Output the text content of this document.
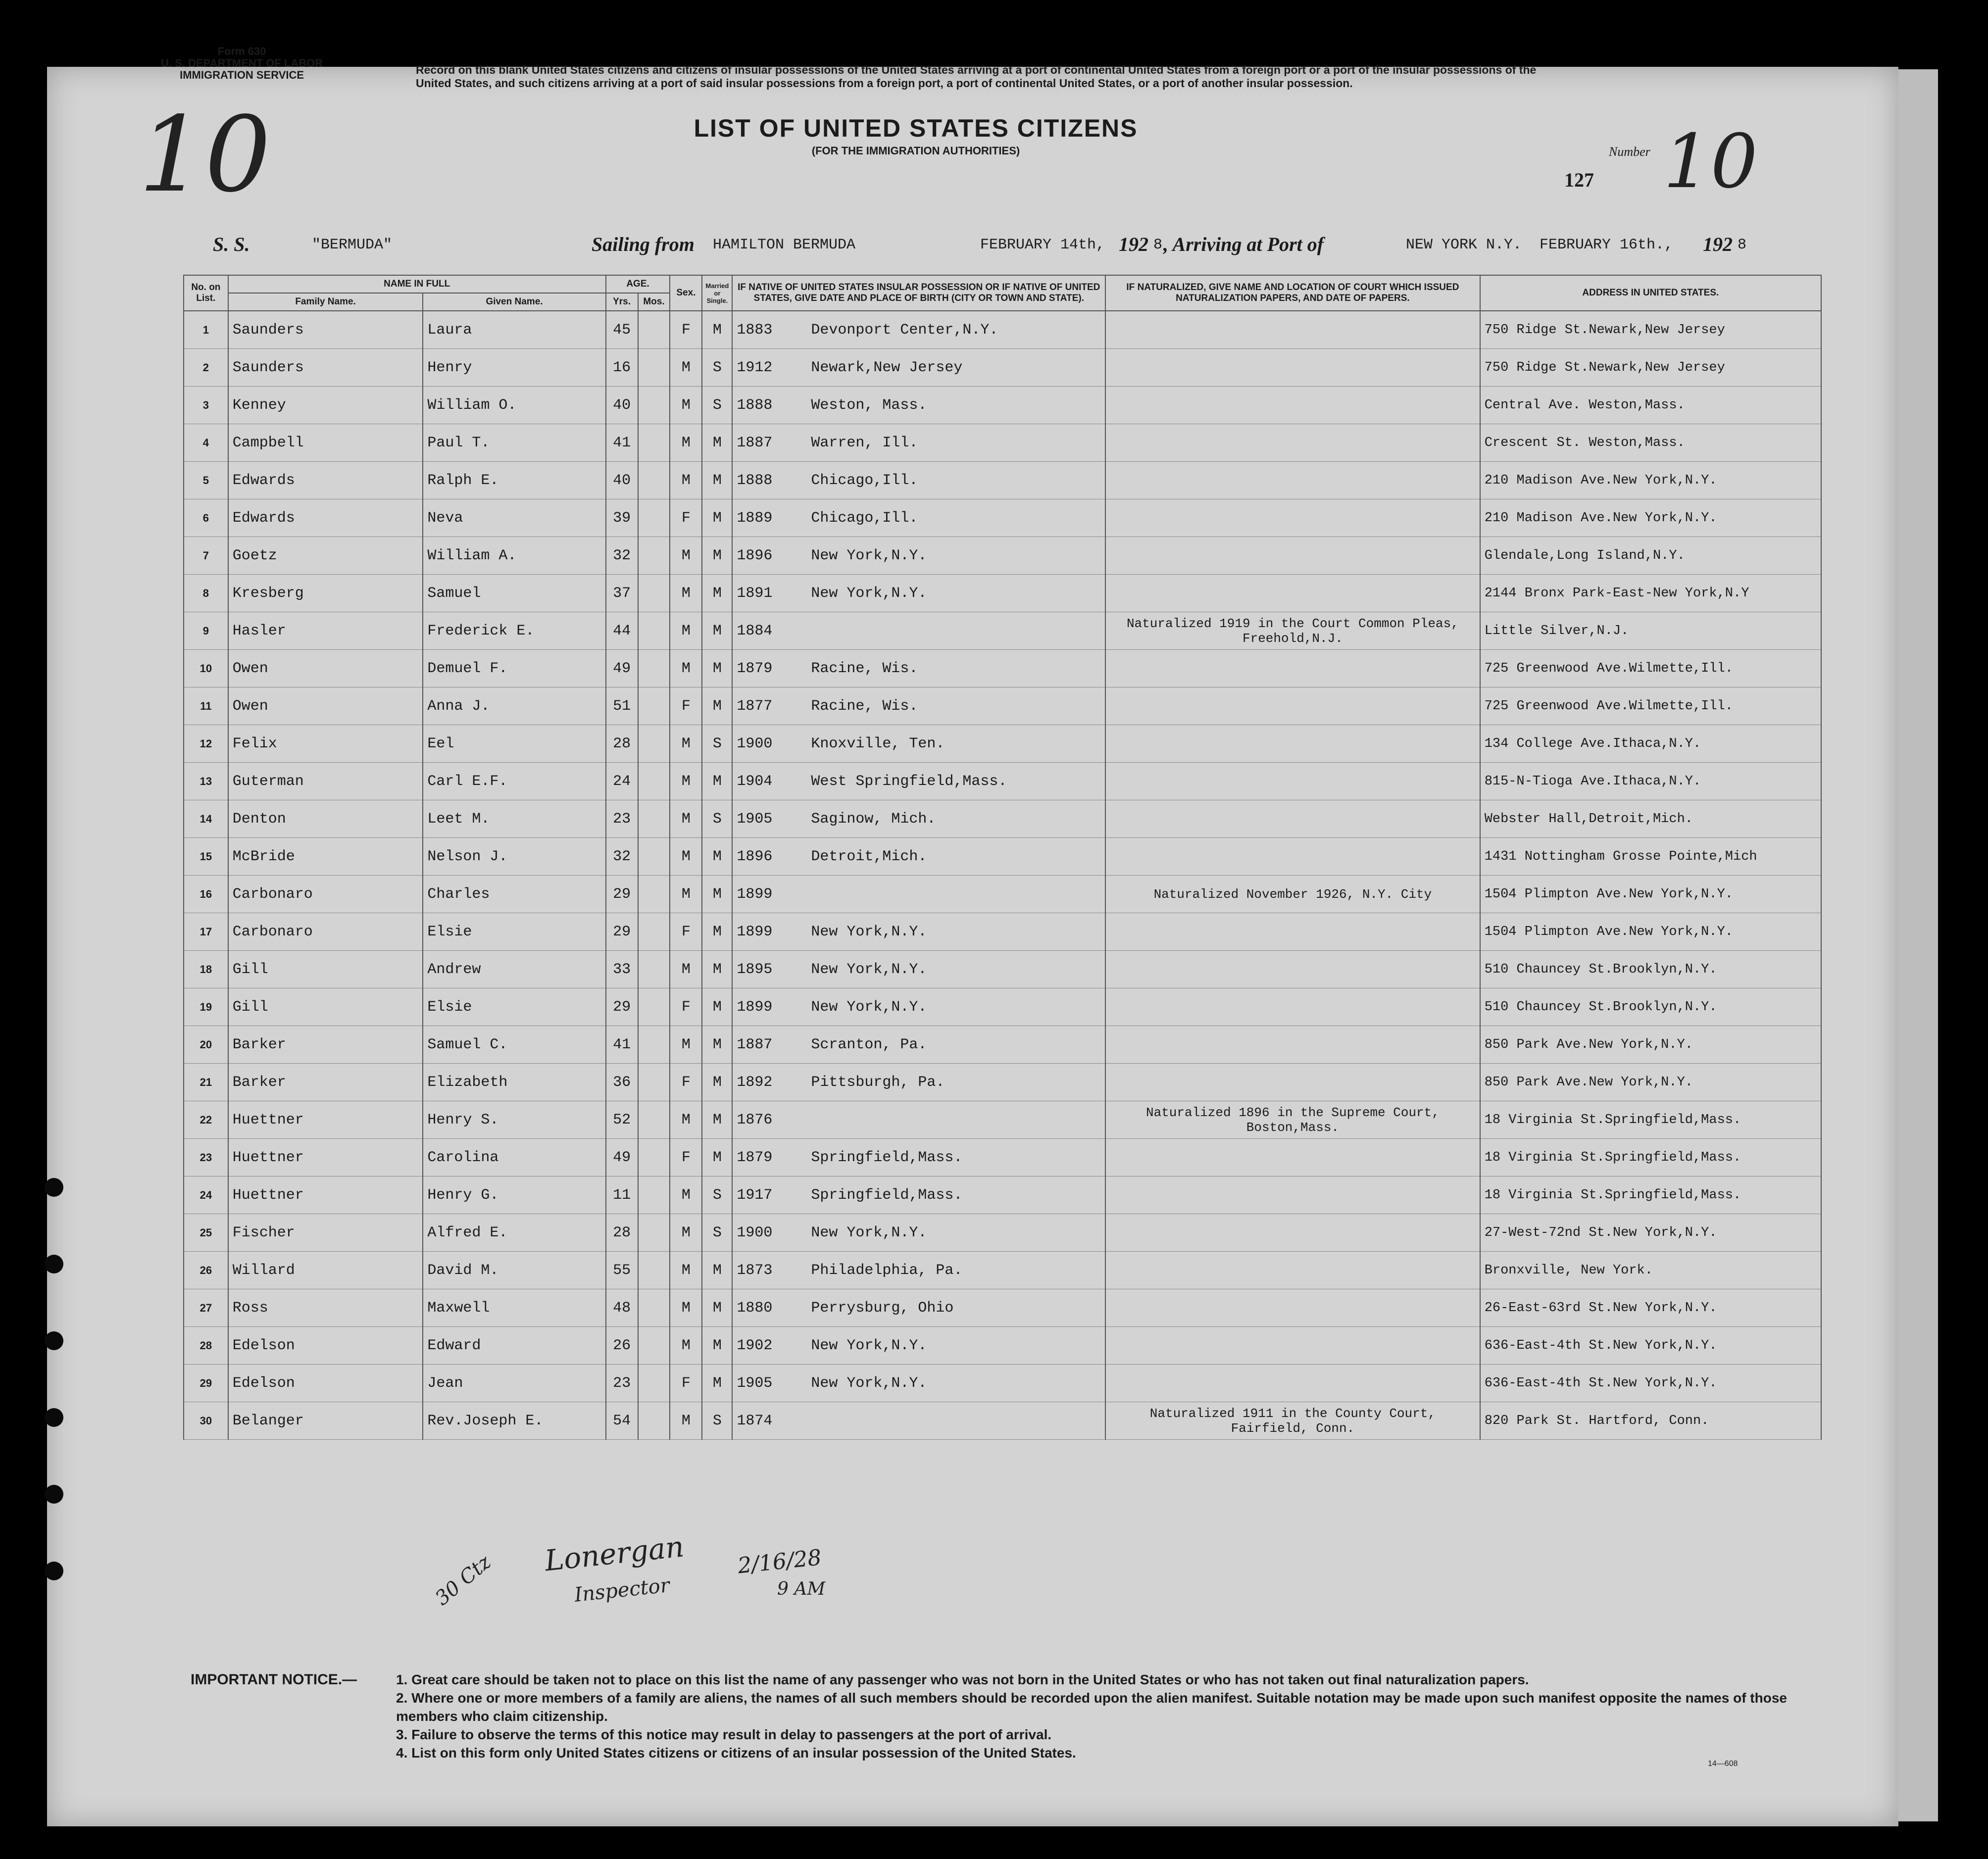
10
Form 630
U. S. DEPARTMENT OF LABOR
IMMIGRATION SERVICE	Record on this blank United States citizens and citizens of insular possessions of the United States arriving at a port of continental United States from a foreign port or a port of the insular possessions of the United States, and such citizens arriving at a port of said insular possessions from a foreign port, a port of continental United States, or a port of another insular possession.
Number 10
127
LIST OF UNITED STATES CITIZENS
(FOR THE IMMIGRATION AUTHORITIES)
S. S.	"BERMUDA"	Sailing from HAMILTON BERMUDA	FEBRUARY 14th, 192 8 , Arriving at Port of	NEW YORK N.Y. FEBRUARY 16th., 192 8
No. on List.	NAME IN FULL		AGE.		Sex.	Married or Single.	IF NATIVE OF UNITED STATES INSULAR POSSESSION OR IF NATIVE OF UNITED STATES, GIVE DATE AND PLACE OF BIRTH (CITY OR TOWN AND STATE).	IF NATURALIZED, GIVE NAME AND LOCATION OF COURT WHICH ISSUED NATURALIZATION PAPERS, AND DATE OF PAPERS.	ADDRESS IN UNITED STATES.
	Family Name.	Given Name.	Yrs.	Mos.					
1	Saunders	Laura	45		F	M	1883 Devonport Center,N.Y.		750 Ridge St.Newark,New Jersey
2	Saunders	Henry	16		M	S	1912 Newark,New Jersey		750 Ridge St.Newark,New Jersey
3	Kenney	William O.	40		M	S	1888 Weston, Mass.		Central Ave. Weston,Mass.
4	Campbell	Paul T.	41		M	M	1887 Warren, Ill.		Crescent St. Weston,Mass.
5	Edwards	Ralph E.	40		M	M	1888 Chicago,Ill.		210 Madison Ave.New York,N.Y.
6	Edwards	Neva	39		F	M	1889 Chicago,Ill.		210 Madison Ave.New York,N.Y.
7	Goetz	William A.	32		M	M	1896 New York,N.Y.		Glendale,Long Island,N.Y.
8	Kresberg	Samuel	37		M	M	1891 New York,N.Y.		2144 Bronx Park-East-New York,N.Y
9	Hasler	Frederick E.	44		M	M	1884	Naturalized 1919 in the Court Common Pleas, Freehold,N.J.	Little Silver,N.J.
10	Owen	Demuel F.	49		M	M	1879 Racine, Wis.		725 Greenwood Ave.Wilmette,Ill.
11	Owen	Anna J.	51		F	M	1877 Racine, Wis.		725 Greenwood Ave.Wilmette,Ill.
12	Felix	Eel	28		M	S	1900 Knoxville, Ten.		134 College Ave.Ithaca,N.Y.
13	Guterman	Carl E.F.	24		M	M	1904 West Springfield,Mass.		815-N-Tioga Ave.Ithaca,N.Y.
14	Denton	Leet M.	23		M	S	1905 Saginow, Mich.		Webster Hall,Detroit,Mich.
15	McBride	Nelson J.	32		M	M	1896 Detroit,Mich.		1431 Nottingham Grosse Pointe,Mich
16	Carbonaro	Charles	29		M	M	1899	Naturalized November 1926, N.Y. City	1504 Plimpton Ave.New York,N.Y.
17	Carbonaro	Elsie	29		F	M	1899 New York,N.Y.		1504 Plimpton Ave.New York,N.Y.
18	Gill	Andrew	33		M	M	1895 New York,N.Y.		510 Chauncey St.Brooklyn,N.Y.
19	Gill	Elsie	29		F	M	1899 New York,N.Y.		510 Chauncey St.Brooklyn,N.Y.
20	Barker	Samuel C.	41		M	M	1887 Scranton, Pa.		850 Park Ave.New York,N.Y.
21	Barker	Elizabeth	36		F	M	1892 Pittsburgh, Pa.		850 Park Ave.New York,N.Y.
22	Huettner	Henry S.	52		M	M	1876	Naturalized 1896 in the Supreme Court, Boston,Mass.	18 Virginia St.Springfield,Mass.
23	Huettner	Carolina	49		F	M	1879 Springfield,Mass.		18 Virginia St.Springfield,Mass.
24	Huettner	Henry G.	11		M	S	1917 Springfield,Mass.		18 Virginia St.Springfield,Mass.
25	Fischer	Alfred E.	28		M	S	1900 New York,N.Y.		27-West-72nd St.New York,N.Y.
26	Willard	David M.	55		M	M	1873 Philadelphia, Pa.		Bronxville, New York.
27	Ross	Maxwell	48		M	M	1880 Perrysburg, Ohio		26-East-63rd St.New York,N.Y.
28	Edelson	Edward	26		M	M	1902 New York,N.Y.		636-East-4th St.New York,N.Y.
29	Edelson	Jean	23		F	M	1905 New York,N.Y.		636-East-4th St.New York,N.Y.
30	Belanger	Rev.Joseph E.	54		M	S	1874	Naturalized 1911 in the County Court, Fairfield, Conn.	820 Park St. Hartford, Conn.
Lonergan
Inspector
30 Ctz	2/16/28
9 AM
IMPORTANT NOTICE.—	1. Great care should be taken not to place on this list the name of any passenger who was not born in the United States or who has not taken out final naturalization papers.
2. Where one or more members of a family are aliens, the names of all such members should be recorded upon the alien manifest. Suitable notation may be made upon such manifest opposite the names of those members who claim citizenship.
3. Failure to observe the terms of this notice may result in delay to passengers at the port of arrival.
4. List on this form only United States citizens or citizens of an insular possession of the United States.
14—608
